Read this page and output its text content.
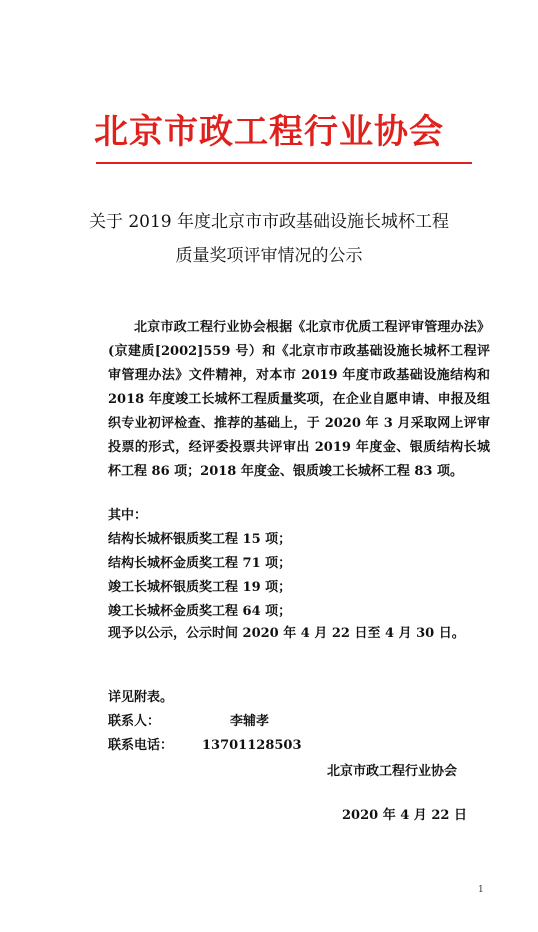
北京市政工程行业协会
关于 2019 年度北京市市政基础设施长城杯工程
质量奖项评审情况的公示
北京市政工程行业协会根据《北京市优质工程评审管理办法》(京建质[2002]559 号）和《北京市市政基础设施长城杯工程评审管理办法》文件精神，对本市 2019 年度市政基础设施结构和 2018 年度竣工长城杯工程质量奖项，在企业自愿申请、申报及组织专业初评检查、推荐的基础上，于 2020 年 3 月采取网上评审投票的形式，经评委投票共评审出 2019 年度金、银质结构长城杯工程 86 项；2018 年度金、银质竣工长城杯工程 83 项。
其中：
结构长城杯银质奖工程 15 项；
结构长城杯金质奖工程 71 项；
竣工长城杯银质奖工程 19 项；
竣工长城杯金质奖工程 64 项；
现予以公示，公示时间 2020 年 4 月 22 日至 4 月 30 日。
详见附表。
联系人：	李辅孝
联系电话： 13701128503
北京市政工程行业协会
2020 年 4 月 22 日
1
